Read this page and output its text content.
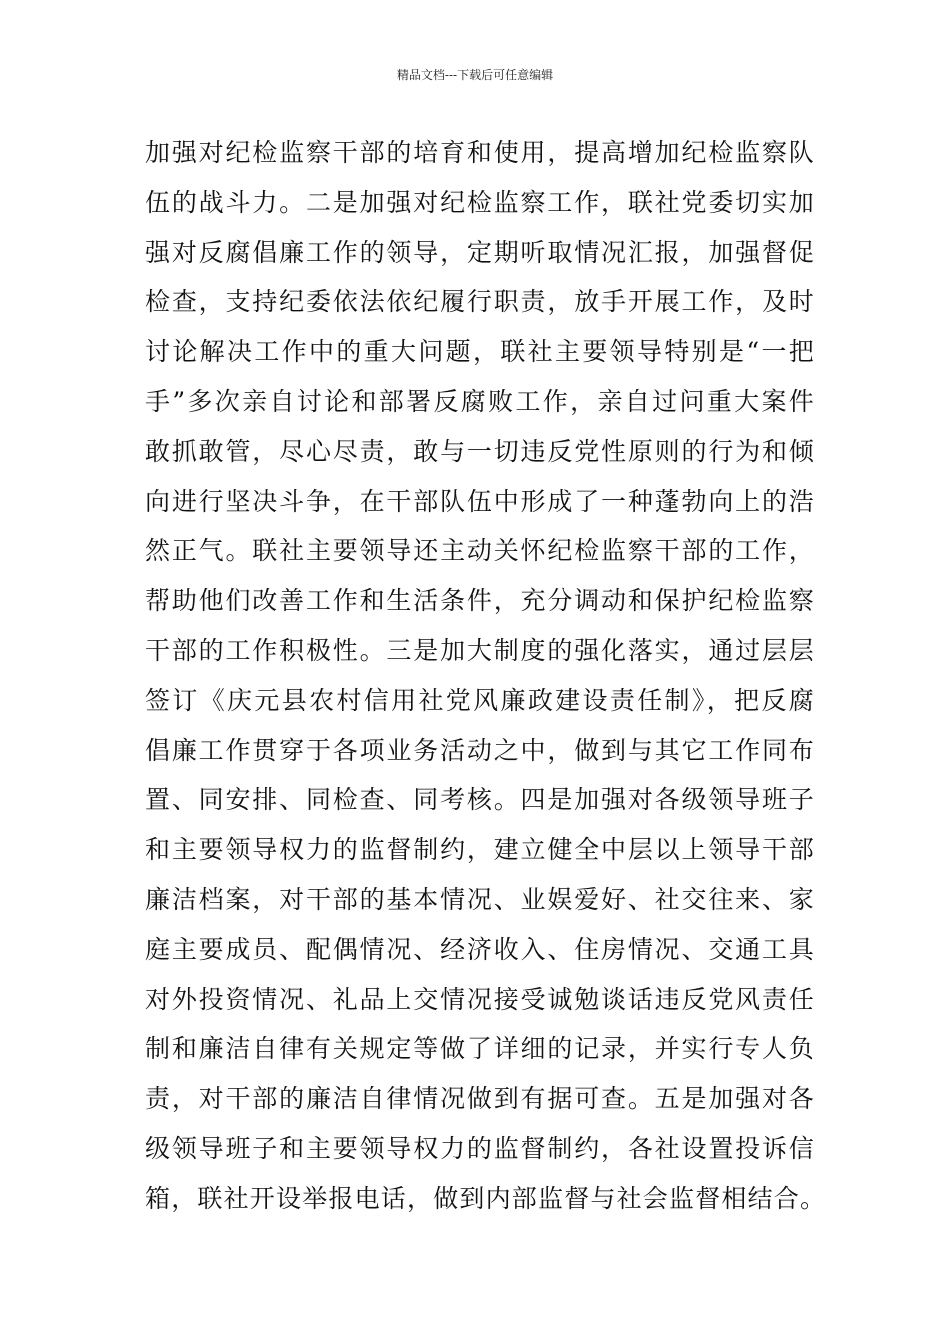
精品文档---下载后可任意编辑
加强对纪检监察干部的培育和使用，提高增加纪检监察队
伍的战斗力。二是加强对纪检监察工作，联社党委切实加
强对反腐倡廉工作的领导，定期听取情况汇报，加强督促
检查，支持纪委依法依纪履行职责，放手开展工作，及时
讨论解决工作中的重大问题，联社主要领导特别是“一把
手”多次亲自讨论和部署反腐败工作，亲自过问重大案件
敢抓敢管，尽心尽责，敢与一切违反党性原则的行为和倾
向进行坚决斗争，在干部队伍中形成了一种蓬勃向上的浩
然正气。联社主要领导还主动关怀纪检监察干部的工作，
帮助他们改善工作和生活条件，充分调动和保护纪检监察
干部的工作积极性。三是加大制度的强化落实，通过层层
签订《庆元县农村信用社党风廉政建设责任制》，把反腐
倡廉工作贯穿于各项业务活动之中，做到与其它工作同布
置、同安排、同检查、同考核。四是加强对各级领导班子
和主要领导权力的监督制约，建立健全中层以上领导干部
廉洁档案，对干部的基本情况、业娱爱好、社交往来、家
庭主要成员、配偶情况、经济收入、住房情况、交通工具
对外投资情况、礼品上交情况接受诚勉谈话违反党风责任
制和廉洁自律有关规定等做了详细的记录，并实行专人负
责，对干部的廉洁自律情况做到有据可查。五是加强对各
级领导班子和主要领导权力的监督制约，各社设置投诉信
箱，联社开设举报电话，做到内部监督与社会监督相结合。
